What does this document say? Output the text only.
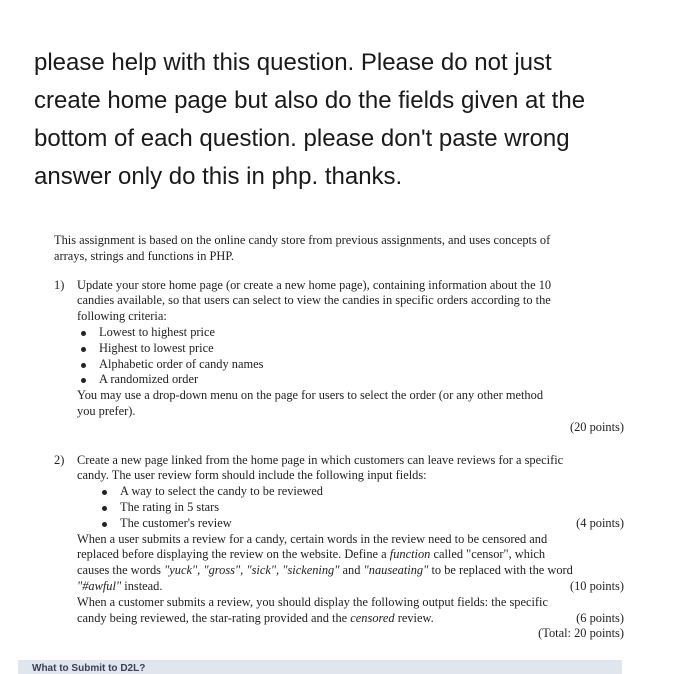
please help with this question. Please do not just
create home page but also do the fields given at the
bottom of each question. please don't paste wrong
answer only do this in php. thanks.
This assignment is based on the online candy store from previous assignments, and uses concepts of
arrays, strings and functions in PHP.
1) Update your store home page (or create a new home page), containing information about the 10
candies available, so that users can select to view the candies in specific orders according to the
following criteria:
Lowest to highest price
Highest to lowest price
Alphabetic order of candy names
A randomized order
You may use a drop-down menu on the page for users to select the order (or any other method
you prefer).
(20 points)
2) Create a new page linked from the home page in which customers can leave reviews for a specific
candy. The user review form should include the following input fields:
A way to select the candy to be reviewed
The rating in 5 stars
The customer's review	(4 points)
When a user submits a review for a candy, certain words in the review need to be censored and
replaced before displaying the review on the website. Define a function called "censor", which
causes the words "yuck", "gross", "sick", "sickening" and "nauseating" to be replaced with the word
"#awful" instead.	(10 points)
When a customer submits a review, you should display the following output fields: the specific
candy being reviewed, the star-rating provided and the censored review.	(6 points)
(Total: 20 points)
What to Submit to D2L?
